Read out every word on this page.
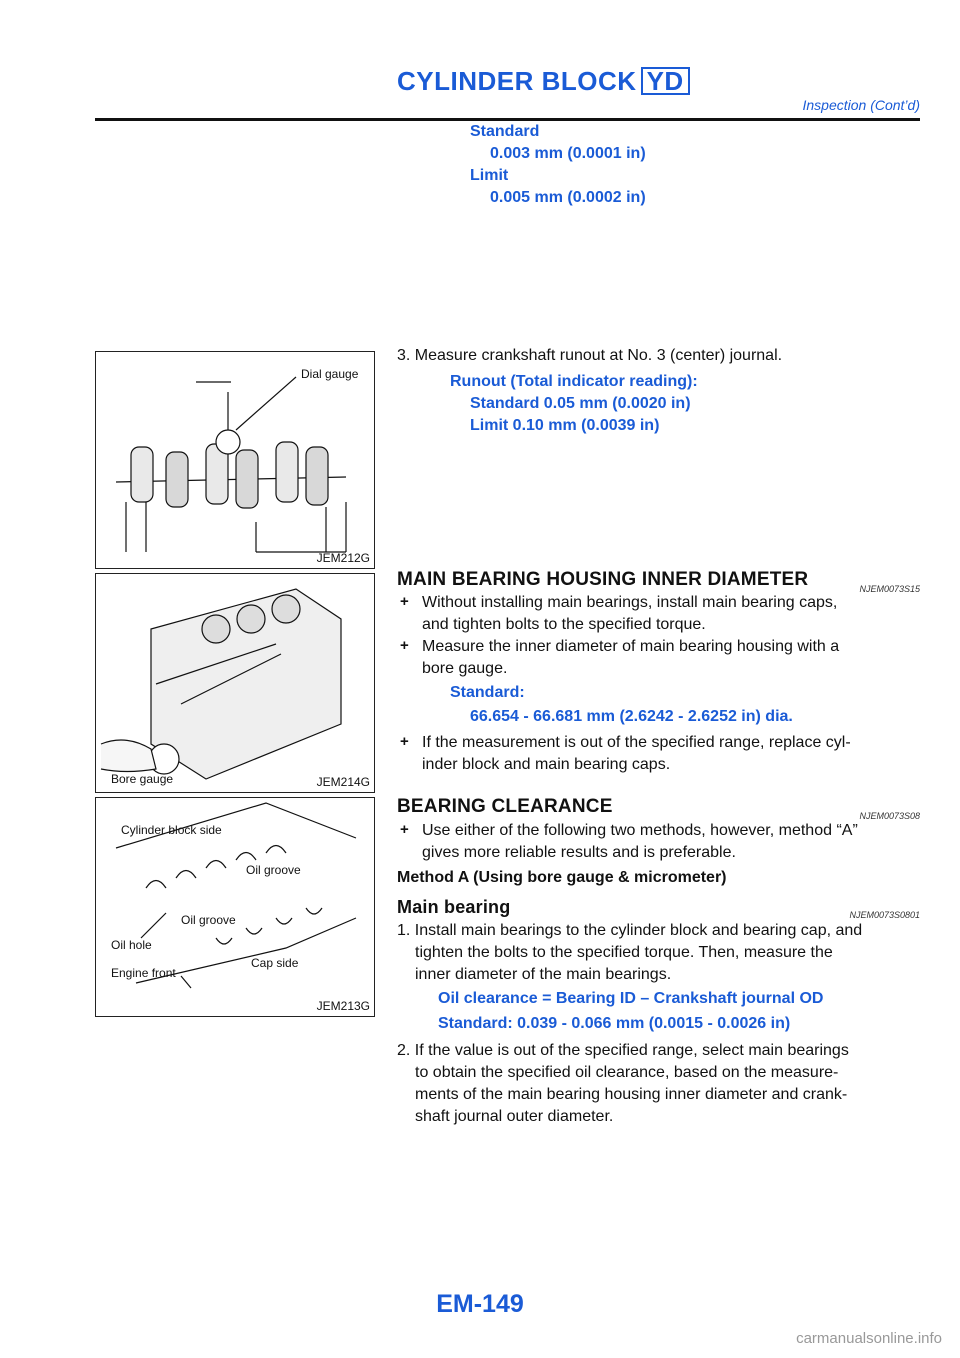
CYLINDER BLOCK YD
Inspection (Cont’d)
Standard
0.003 mm (0.0001 in)
Limit
0.005 mm (0.0002 in)
Dial gauge
JEM212G
3. Measure crankshaft runout at No. 3 (center) journal.
Runout (Total indicator reading):
Standard 0.05 mm (0.0020 in)
Limit 0.10 mm (0.0039 in)
Bore gauge	JEM214G
MAIN BEARING HOUSING INNER DIAMETER	NJEM0073S15
+ Without installing main bearings, install main bearing caps,
and tighten bolts to the specified torque.
+ Measure the inner diameter of main bearing housing with a
bore gauge.
Standard:
66.654 - 66.681 mm (2.6242 - 2.6252 in) dia.
+ If the measurement is out of the specified range, replace cyl-
inder block and main bearing caps.
Cylinder block side
Oil groove
Oil groove
Oil hole
Engine front
Cap side
JEM213G
BEARING CLEARANCE	NJEM0073S08
+ Use either of the following two methods, however, method “A”
gives more reliable results and is preferable.
Method A (Using bore gauge & micrometer)
Main bearing	NJEM0073S0801
1. Install main bearings to the cylinder block and bearing cap, and
tighten the bolts to the specified torque. Then, measure the
inner diameter of the main bearings.
Oil clearance = Bearing ID – Crankshaft journal OD
Standard: 0.039 - 0.066 mm (0.0015 - 0.0026 in)
2. If the value is out of the specified range, select main bearings
to obtain the specified oil clearance, based on the measure-
ments of the main bearing housing inner diameter and crank-
shaft journal outer diameter.
EM-149
carmanualsonline.info
